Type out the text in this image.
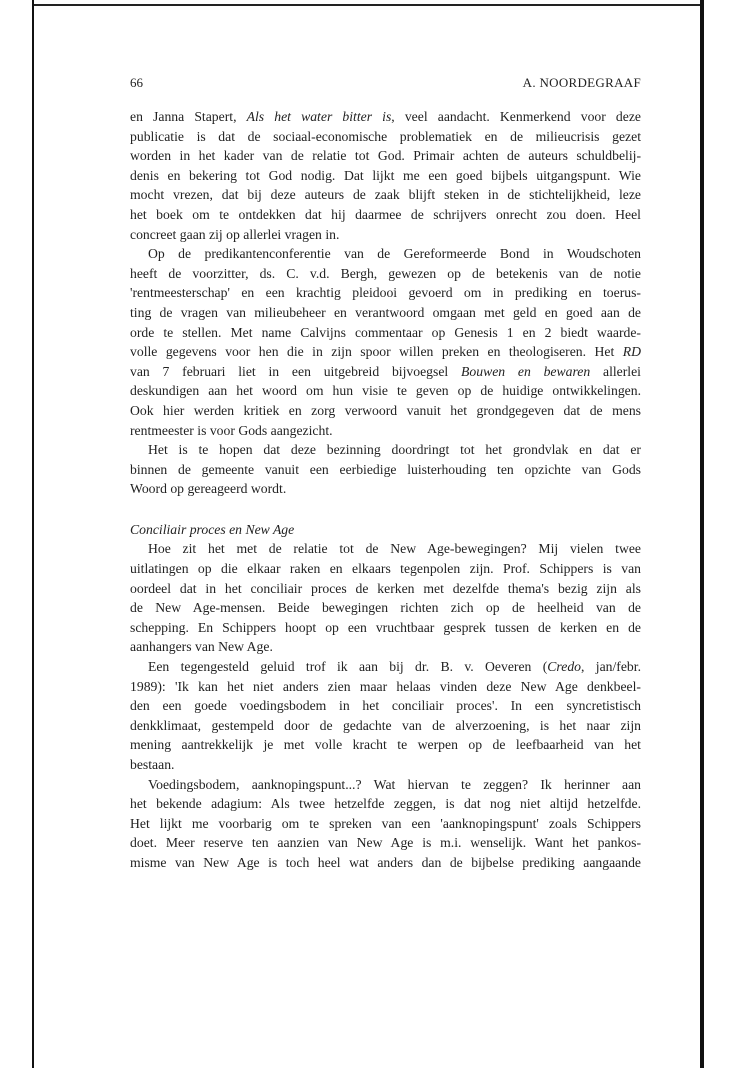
66	A. NOORDEGRAAF

en Janna Stapert, Als het water bitter is, veel aandacht. Kenmerkend voor deze
publicatie is dat de sociaal-economische problematiek en de milieucrisis gezet
worden in het kader van de relatie tot God. Primair achten de auteurs schuldbelij-
denis en bekering tot God nodig. Dat lijkt me een goed bijbels uitgangspunt. Wie
mocht vrezen, dat bij deze auteurs de zaak blijft steken in de stichtelijkheid, leze
het boek om te ontdekken dat hij daarmee de schrijvers onrecht zou doen. Heel
concreet gaan zij op allerlei vragen in.

Op de predikantenconferentie van de Gereformeerde Bond in Woudschoten
heeft de voorzitter, ds. C. v.d. Bergh, gewezen op de betekenis van de notie
'rentmeesterschap' en een krachtig pleidooi gevoerd om in prediking en toerus-
ting de vragen van milieubeheer en verantwoord omgaan met geld en goed aan de
orde te stellen. Met name Calvijns commentaar op Genesis 1 en 2 biedt waarde-
volle gegevens voor hen die in zijn spoor willen preken en theologiseren. Het RD
van 7 februari liet in een uitgebreid bijvoegsel Bouwen en bewaren allerlei
deskundigen aan het woord om hun visie te geven op de huidige ontwikkelingen.
Ook hier werden kritiek en zorg verwoord vanuit het grondgegeven dat de mens
rentmeester is voor Gods aangezicht.

Het is te hopen dat deze bezinning doordringt tot het grondvlak en dat er
binnen de gemeente vanuit een eerbiedige luisterhouding ten opzichte van Gods
Woord op gereageerd wordt.

Conciliair proces en New Age

Hoe zit het met de relatie tot de New Age-bewegingen? Mij vielen twee
uitlatingen op die elkaar raken en elkaars tegenpolen zijn. Prof. Schippers is van
oordeel dat in het conciliair proces de kerken met dezelfde thema's bezig zijn als
de New Age-mensen. Beide bewegingen richten zich op de heelheid van de
schepping. En Schippers hoopt op een vruchtbaar gesprek tussen de kerken en de
aanhangers van New Age.

Een tegengesteld geluid trof ik aan bij dr. B. v. Oeveren (Credo, jan/febr.
1989): 'Ik kan het niet anders zien maar helaas vinden deze New Age denkbeel-
den een goede voedingsbodem in het conciliair proces'. In een syncretistisch
denkklimaat, gestempeld door de gedachte van de alverzoening, is het naar zijn
mening aantrekkelijk je met volle kracht te werpen op de leefbaarheid van het
bestaan.

Voedingsbodem, aanknopingspunt...? Wat hiervan te zeggen? Ik herinner aan
het bekende adagium: Als twee hetzelfde zeggen, is dat nog niet altijd hetzelfde.
Het lijkt me voorbarig om te spreken van een 'aanknopingspunt' zoals Schippers
doet. Meer reserve ten aanzien van New Age is m.i. wenselijk. Want het pankos-
misme van New Age is toch heel wat anders dan de bijbelse prediking aangaande
